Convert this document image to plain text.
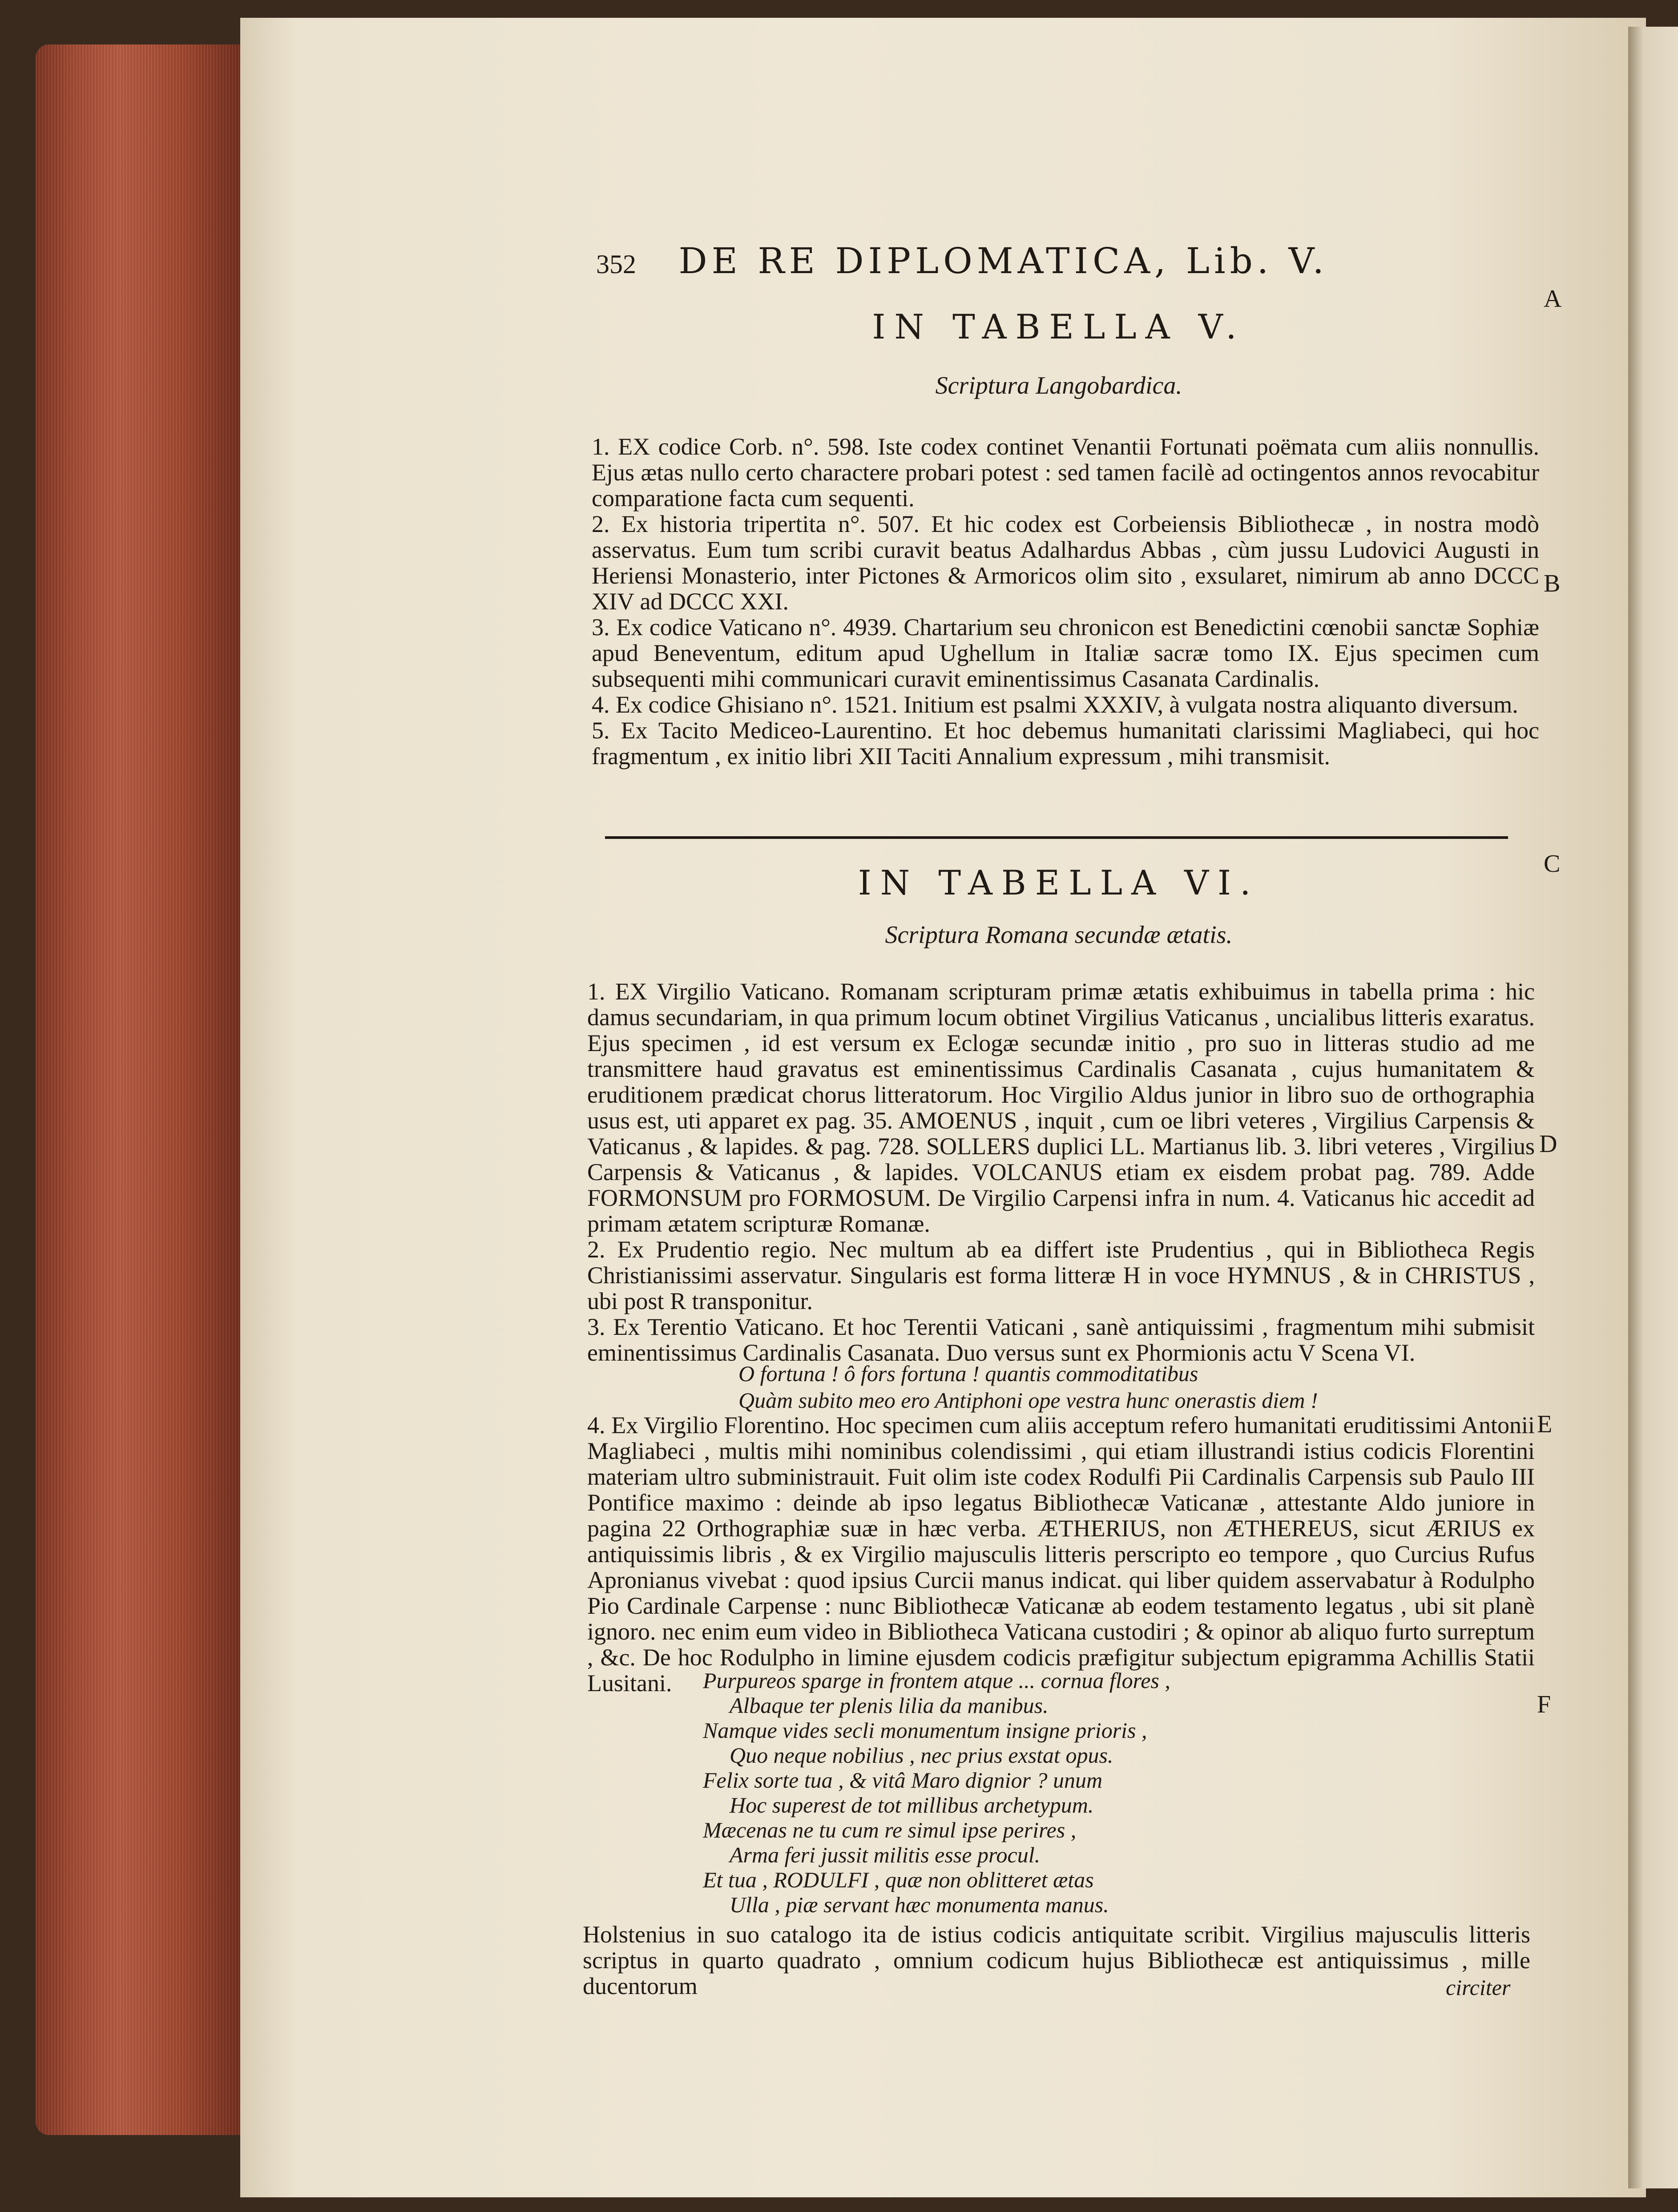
352 DE RE DIPLOMATICA, Lib. V.
A
B
C
D
E
F
IN TABELLA V.
Scriptura Langobardica.

1. EX codice Corb. n°. 598. Iste codex continet Venantii Fortunati poëmata cum aliis nonnullis. Ejus ætas nullo certo charactere probari potest : sed tamen facilè ad octingentos annos revocabitur comparatione facta cum sequenti.

2. Ex historia tripertita n°. 507. Et hic codex est Corbeiensis Bibliothecæ , in nostra modò asservatus. Eum tum scribi curavit beatus Adalhardus Abbas , cùm jussu Ludovici Augusti in Heriensi Monasterio, inter Pictones & Armoricos olim sito , exsularet, nimirum ab anno DCCC XIV ad DCCC XXI.

3. Ex codice Vaticano n°. 4939. Chartarium seu chronicon est Benedictini cœnobii sanctæ Sophiæ apud Beneventum, editum apud Ughellum in Italiæ sacræ tomo IX. Ejus specimen cum subsequenti mihi communicari curavit eminentissimus Casanata Cardinalis.

4. Ex codice Ghisiano n°. 1521. Initium est psalmi XXXIV, à vulgata nostra aliquanto diversum.

5. Ex Tacito Mediceo-Laurentino. Et hoc debemus humanitati clarissimi Magliabeci, qui hoc fragmentum , ex initio libri XII Taciti Annalium expressum , mihi transmisit.

IN TABELLA VI.
Scriptura Romana secundæ ætatis.

1. EX Virgilio Vaticano. Romanam scripturam primæ ætatis exhibuimus in tabella prima : hic damus secundariam, in qua primum locum obtinet Virgilius Vaticanus , uncialibus litteris exaratus. Ejus specimen , id est versum ex Eclogæ secundæ initio , pro suo in litteras studio ad me transmittere haud gravatus est eminentissimus Cardinalis Casanata , cujus humanitatem & eruditionem prædicat chorus litteratorum. Hoc Virgilio Aldus junior in libro suo de orthographia usus est, uti apparet ex pag. 35. AMOENUS , inquit , cum oe libri veteres , Virgilius Carpensis & Vaticanus , & lapides. & pag. 728. SOLLERS duplici LL. Martianus lib. 3. libri veteres , Virgilius Carpensis & Vaticanus , & lapides. VOLCANUS etiam ex eisdem probat pag. 789. Adde FORMONSUM pro FORMOSUM. De Virgilio Carpensi infra in num. 4. Vaticanus hic accedit ad primam ætatem scripturæ Romanæ.

2. Ex Prudentio regio. Nec multum ab ea differt iste Prudentius , qui in Bibliotheca Regis Christianissimi asservatur. Singularis est forma litteræ H in voce HYMNUS , & in CHRISTUS , ubi post R transponitur.

3. Ex Terentio Vaticano. Et hoc Terentii Vaticani , sanè antiquissimi , fragmentum mihi submisit eminentissimus Cardinalis Casanata. Duo versus sunt ex Phormionis actu V Scena VI.

O fortuna ! ô fors fortuna ! quantis commoditatibus
Quàm subito meo ero Antiphoni ope vestra hunc onerastis diem !

4. Ex Virgilio Florentino. Hoc specimen cum aliis acceptum refero humanitati eruditissimi Antonii Magliabeci , multis mihi nominibus colendissimi , qui etiam illustrandi istius codicis Florentini materiam ultro subministrauit. Fuit olim iste codex Rodulfi Pii Cardinalis Carpensis sub Paulo III Pontifice maximo : deinde ab ipso legatus Bibliothecæ Vaticanæ , attestante Aldo juniore in pagina 22 Orthographiæ suæ in hæc verba. ÆTHERIUS, non ÆTHEREUS, sicut ÆRIUS ex antiquissimis libris , & ex Virgilio majusculis litteris perscripto eo tempore , quo Curcius Rufus Apronianus vivebat : quod ipsius Curcii manus indicat. qui liber quidem asservabatur à Rodulpho Pio Cardinale Carpense : nunc Bibliothecæ Vaticanæ ab eodem testamento legatus , ubi sit planè ignoro. nec enim eum video in Bibliotheca Vaticana custodiri ; & opinor ab aliquo furto surreptum , &c. De hoc Rodulpho in limine ejusdem codicis præfigitur subjectum epigramma Achillis Statii Lusitani.	Purpureos sparge in frontem atque ... cornua flores ,
Albaque ter plenis lilia da manibus.
Namque vides secli monumentum insigne prioris ,
Quo neque nobilius , nec prius exstat opus.
Felix sorte tua , & vitâ Maro dignior ? unum
Hoc superest de tot millibus archetypum.
Mæcenas ne tu cum re simul ipse perires ,
Arma feri jussit militis esse procul.
Et tua , RODULFI , quæ non oblitteret ætas
Ulla , piæ servant hæc monumenta manus.

Holstenius in suo catalogo ita de istius codicis antiquitate scribit. Virgilius majusculis litteris scriptus in quarto quadrato , omnium codicum hujus Bibliothecæ est antiquissimus , mille ducentorum	circiter
